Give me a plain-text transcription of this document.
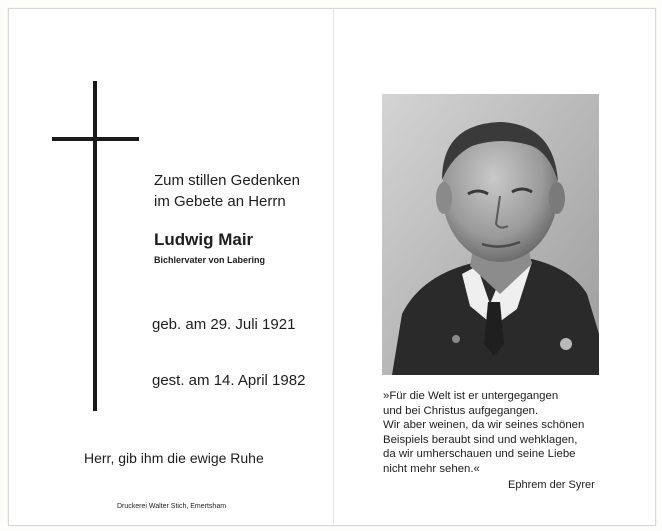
Zum stillen Gedenken
im Gebete an Herrn
Ludwig Mair
Bichlervater von Labering
geb. am 29. Juli 1921
gest. am 14. April 1982
Herr, gib ihm die ewige Ruhe
Druckerei Walter Stich, Emertsham
»Für die Welt ist er untergegangen
und bei Christus aufgegangen.
Wir aber weinen, da wir seines schönen
Beispiels beraubt sind und wehklagen,
da wir umherschauen und seine Liebe
nicht mehr sehen.«
Ephrem der Syrer
